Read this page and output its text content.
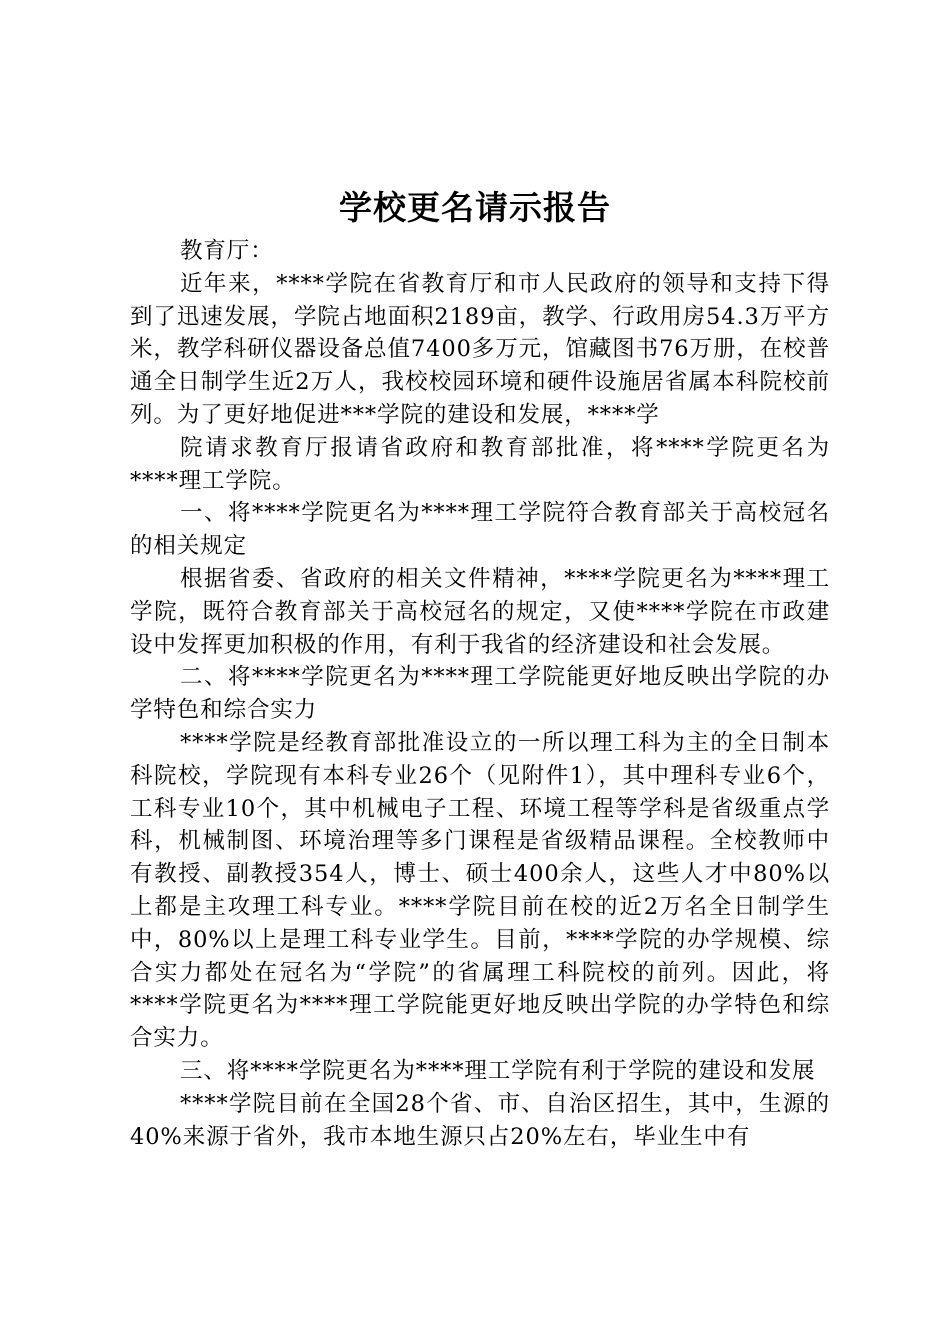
学校更名请示报告

教育厅：

近年来，****学院在省教育厅和市人民政府的领导和支持下得到了迅速发展，学院占地面积2189亩，教学、行政用房54.3万平方米，教学科研仪器设备总值7400多万元，馆藏图书76万册，在校普通全日制学生近2万人，我校校园环境和硬件设施居省属本科院校前列。为了更好地促进***学院的建设和发展，****学

院请求教育厅报请省政府和教育部批准，将****学院更名为****理工学院。

一、将****学院更名为****理工学院符合教育部关于高校冠名的相关规定

根据省委、省政府的相关文件精神，****学院更名为****理工学院，既符合教育部关于高校冠名的规定，又使****学院在市政建设中发挥更加积极的作用，有利于我省的经济建设和社会发展。

二、将****学院更名为****理工学院能更好地反映出学院的办学特色和综合实力

****学院是经教育部批准设立的一所以理工科为主的全日制本科院校，学院现有本科专业26个（见附件1），其中理科专业6个，工科专业10个，其中机械电子工程、环境工程等学科是省级重点学科，机械制图、环境治理等多门课程是省级精品课程。全校教师中有教授、副教授354人，博士、硕士400余人，这些人才中80%以上都是主攻理工科专业。****学院目前在校的近2万名全日制学生中，80%以上是理工科专业学生。目前，****学院的办学规模、综合实力都处在冠名为“学院”的省属理工科院校的前列。因此，将****学院更名为****理工学院能更好地反映出学院的办学特色和综合实力。

三、将****学院更名为****理工学院有利于学院的建设和发展

****学院目前在全国28个省、市、自治区招生，其中，生源的40%来源于省外，我市本地生源只占20%左右，毕业生中有
